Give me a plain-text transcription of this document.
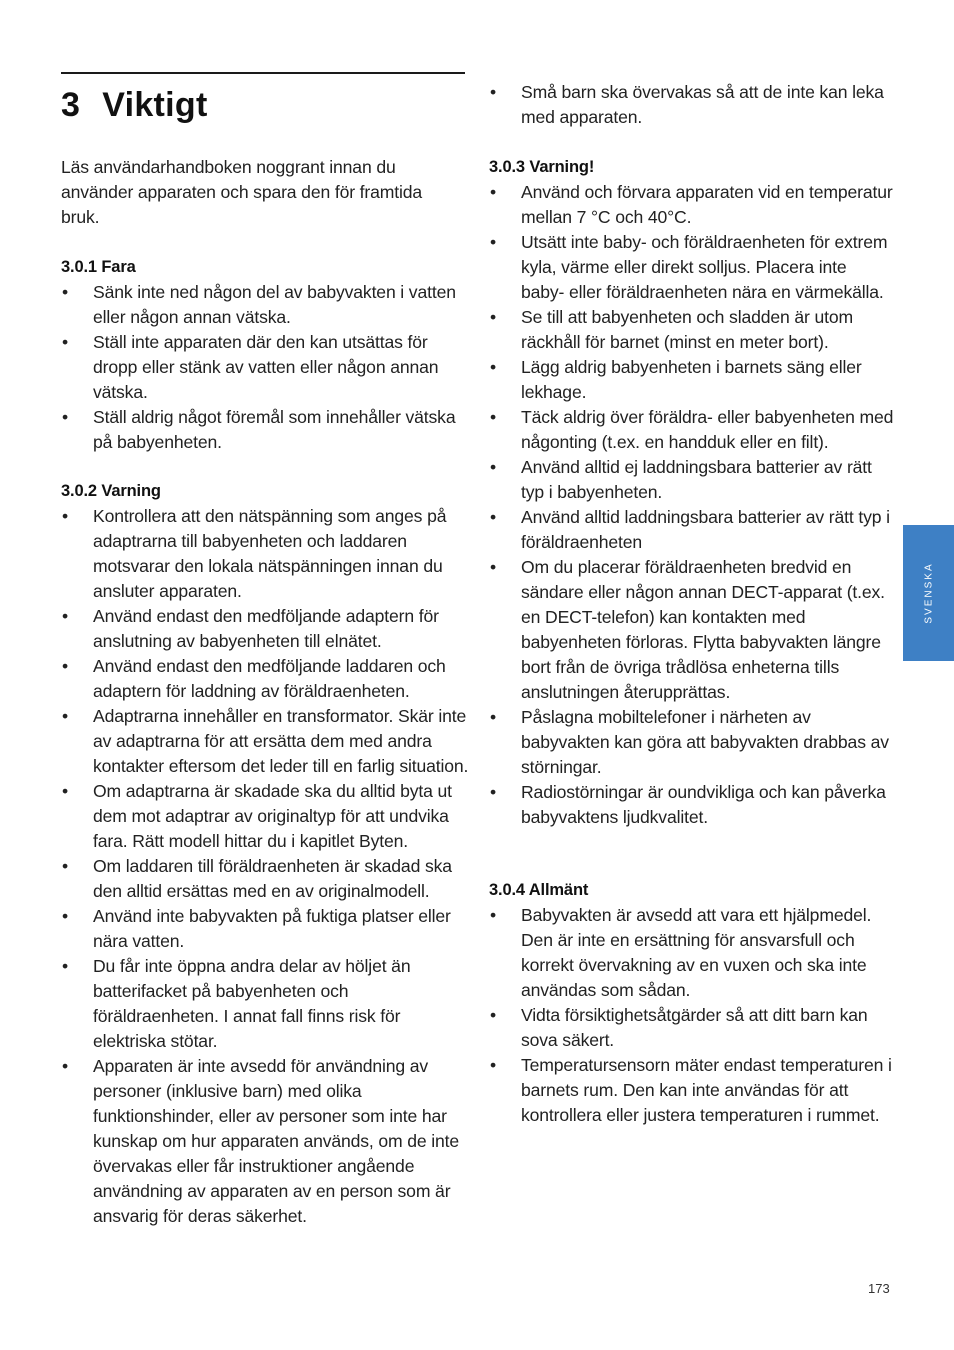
3 Viktigt

Läs användarhandboken noggrant innan du använder apparaten och spara den för framtida bruk.

3.0.1 Fara
• Sänk inte ned någon del av babyvakten i vatten eller någon annan vätska.
• Ställ inte apparaten där den kan utsättas för dropp eller stänk av vatten eller någon annan vätska.
• Ställ aldrig något föremål som innehåller vätska på babyenheten.
3.0.2 Varning
• Kontrollera att den nätspänning som anges på adaptrarna till babyenheten och laddaren motsvarar den lokala nätspänningen innan du ansluter apparaten.
• Använd endast den medföljande adaptern för anslutning av babyenheten till elnätet.
• Använd endast den medföljande laddaren och adaptern för laddning av föräldraenheten.
• Adaptrarna innehåller en transformator. Skär inte av adaptrarna för att ersätta dem med andra kontakter eftersom det leder till en farlig situation.
• Om adaptrarna är skadade ska du alltid byta ut dem mot adaptrar av originaltyp för att undvika fara. Rätt modell hittar du i kapitlet Byten.
• Om laddaren till föräldraenheten är skadad ska den alltid ersättas med en av originalmodell.
• Använd inte babyvakten på fuktiga platser eller nära vatten.
• Du får inte öppna andra delar av höljet än batterifacket på babyenheten och föräldraenheten. I annat fall finns risk för elektriska stötar.
• Apparaten är inte avsedd för användning av personer (inklusive barn) med olika funktionshinder, eller av personer som inte har kunskap om hur apparaten används, om de inte övervakas eller får instruktioner angående användning av apparaten av en person som är ansvarig för deras säkerhet.
• Små barn ska övervakas så att de inte kan leka med apparaten.
3.0.3 Varning!
• Använd och förvara apparaten vid en temperatur mellan 7 °C och 40°C.
• Utsätt inte baby- och föräldraenheten för extrem kyla, värme eller direkt solljus. Placera inte baby- eller föräldraenheten nära en värmekälla.
• Se till att babyenheten och sladden är utom räckhåll för barnet (minst en meter bort).
• Lägg aldrig babyenheten i barnets säng eller lekhage.
• Täck aldrig över föräldra- eller babyenheten med någonting (t.ex. en handduk eller en filt).
• Använd alltid ej laddningsbara batterier av rätt typ i babyenheten.
• Använd alltid laddningsbara batterier av rätt typ i föräldraenheten
• Om du placerar föräldraenheten bredvid en sändare eller någon annan DECT-apparat (t.ex. en DECT-telefon) kan kontakten med babyenheten förloras. Flytta babyvakten längre bort från de övriga trådlösa enheterna tills anslutningen återupprättas.
• Påslagna mobiltelefoner i närheten av babyvakten kan göra att babyvakten drabbas av störningar.
• Radiostörningar är oundvikliga och kan påverka babyvaktens ljudkvalitet.
3.0.4 Allmänt
• Babyvakten är avsedd att vara ett hjälpmedel. Den är inte en ersättning för ansvarsfull och korrekt övervakning av en vuxen och ska inte användas som sådan.
• Vidta försiktighetsåtgärder så att ditt barn kan sova säkert.
• Temperatursensorn mäter endast temperaturen i barnets rum. Den kan inte användas för att kontrollera eller justera temperaturen i rummet.
SVENSKA
173
